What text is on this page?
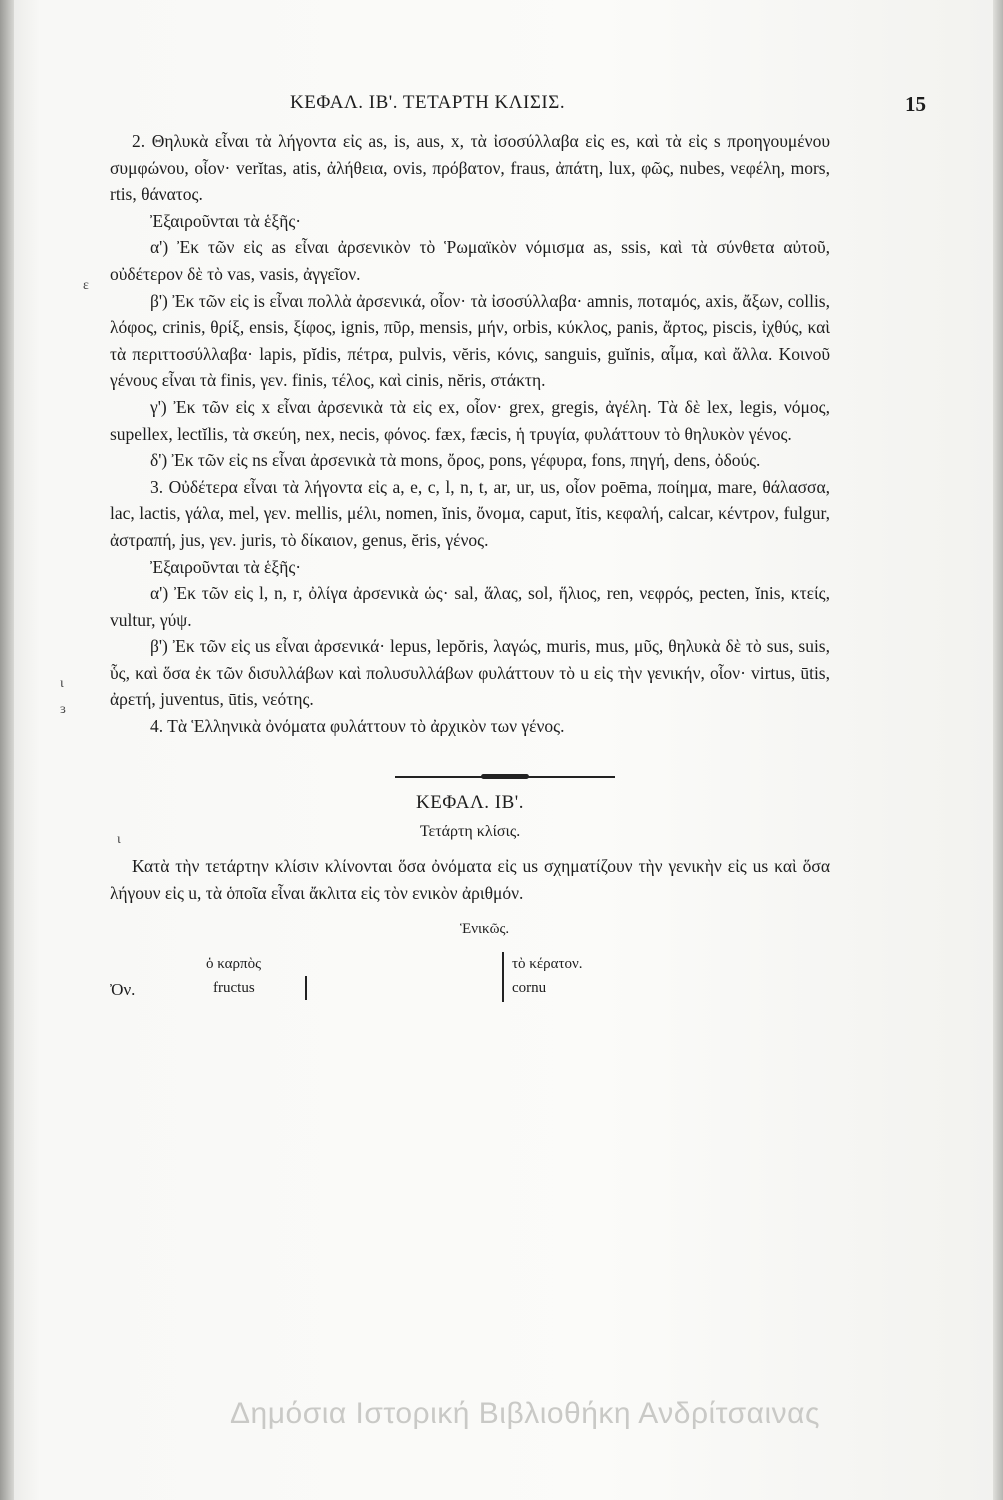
ΚΕΦΑΛ. ΙΒ'. ΤΕΤΑΡΤΗ ΚΛΙΣΙΣ.	15

2. Θηλυκὰ εἶναι τὰ λήγοντα εἰς as, is, aus, x, τὰ ἰσοσύλλαβα εἰς es, καὶ τὰ εἰς s προηγουμένου συμφώνου, οἷον· verĭtas, atis, ἀλήθεια, ovis, πρόβατον, fraus, ἀπάτη, lux, φῶς, nubes, νεφέλη, mors, rtis, θάνατος.

Ἐξαιροῦνται τὰ ἑξῆς·

α') Ἐκ τῶν εἰς as εἶναι ἀρσενικὸν τὸ Ῥωμαϊκὸν νόμισμα as, ssis, καὶ τὰ σύνθετα αὐτοῦ, οὐδέτερον δὲ τὸ vas, vasis, ἀγγεῖον.

β') Ἐκ τῶν εἰς is εἶναι πολλὰ ἀρσενικά, οἷον· τὰ ἰσοσύλλαβα· amnis, ποταμός, axis, ἄξων, collis, λόφος, crinis, θρίξ, ensis, ξίφος, ignis, πῦρ, mensis, μήν, orbis, κύκλος, panis, ἄρτος, piscis, ἰχθύς, καὶ τὰ περιττοσύλλαβα· lapis, pĭdis, πέτρα, pulvis, vĕris, κόνις, sanguis, guĭnis, αἷμα, καὶ ἄλλα. Κοινοῦ γένους εἶναι τὰ finis, γεν. finis, τέλος, καὶ cinis, nĕris, στάκτη.

γ') Ἐκ τῶν εἰς x εἶναι ἀρσενικὰ τὰ εἰς ex, οἷον· grex, gregis, ἀγέλη. Τὰ δὲ lex, legis, νόμος, supellex, lectĭlis, τὰ σκεύη, nex, necis, φόνος. fæx, fæcis, ἡ τρυγία, φυλάττουν τὸ θηλυκὸν γένος.

δ') Ἐκ τῶν εἰς ns εἶναι ἀρσενικὰ τὰ mons, ὄρος, pons, γέφυρα, fons, πηγή, dens, ὀδούς.

3. Οὐδέτερα εἶναι τὰ λήγοντα εἰς a, e, c, l, n, t, ar, ur, us, οἷον poēma, ποίημα, mare, θάλασσα, lac, lactis, γάλα, mel, γεν. mellis, μέλι, nomen, ĭnis, ὄνομα, caput, ĭtis, κεφαλή, calcar, κέντρον, fulgur, ἀστραπή, jus, γεν. juris, τὸ δίκαιον, genus, ĕris, γένος.

Ἐξαιροῦνται τὰ ἑξῆς·

α') Ἐκ τῶν εἰς l, n, r, ὀλίγα ἀρσενικὰ ὡς· sal, ἅλας, sol, ἥλιος, ren, νεφρός, pecten, ĭnis, κτείς, vultur, γύψ.

β') Ἐκ τῶν εἰς us εἶναι ἀρσενικά· lepus, lepŏris, λαγώς, muris, mus, μῦς, θηλυκὰ δὲ τὸ sus, suis, ὗς, καὶ ὅσα ἐκ τῶν δισυλλάβων καὶ πολυσυλλάβων φυλάττουν τὸ u εἰς τὴν γενικήν, οἷον· virtus, ūtis, ἀρετή, juventus, ūtis, νεότης.

4. Τὰ Ἑλληνικὰ ὀνόματα φυλάττουν τὸ ἀρχικὸν των γένος.

ΚΕΦΑΛ. ΙΒ'.
Τετάρτη κλίσις.

Κατὰ τὴν τετάρτην κλίσιν κλίνονται ὅσα ὀνόματα εἰς us σχηματίζουν τὴν γενικὴν εἰς us καὶ ὅσα λήγουν εἰς u, τὰ ὁποῖα εἶναι ἄκλιτα εἰς τὸν ενικὸν ἀριθμόν.

Ἑνικῶς.
ὁ καρπὸς
Ὀν.	fructus
τὸ κέρατον.
cornu
ε
ι
ι
ɜ
Δημόσια Ιστορική Βιβλιοθήκη Ανδρίτσαινας
